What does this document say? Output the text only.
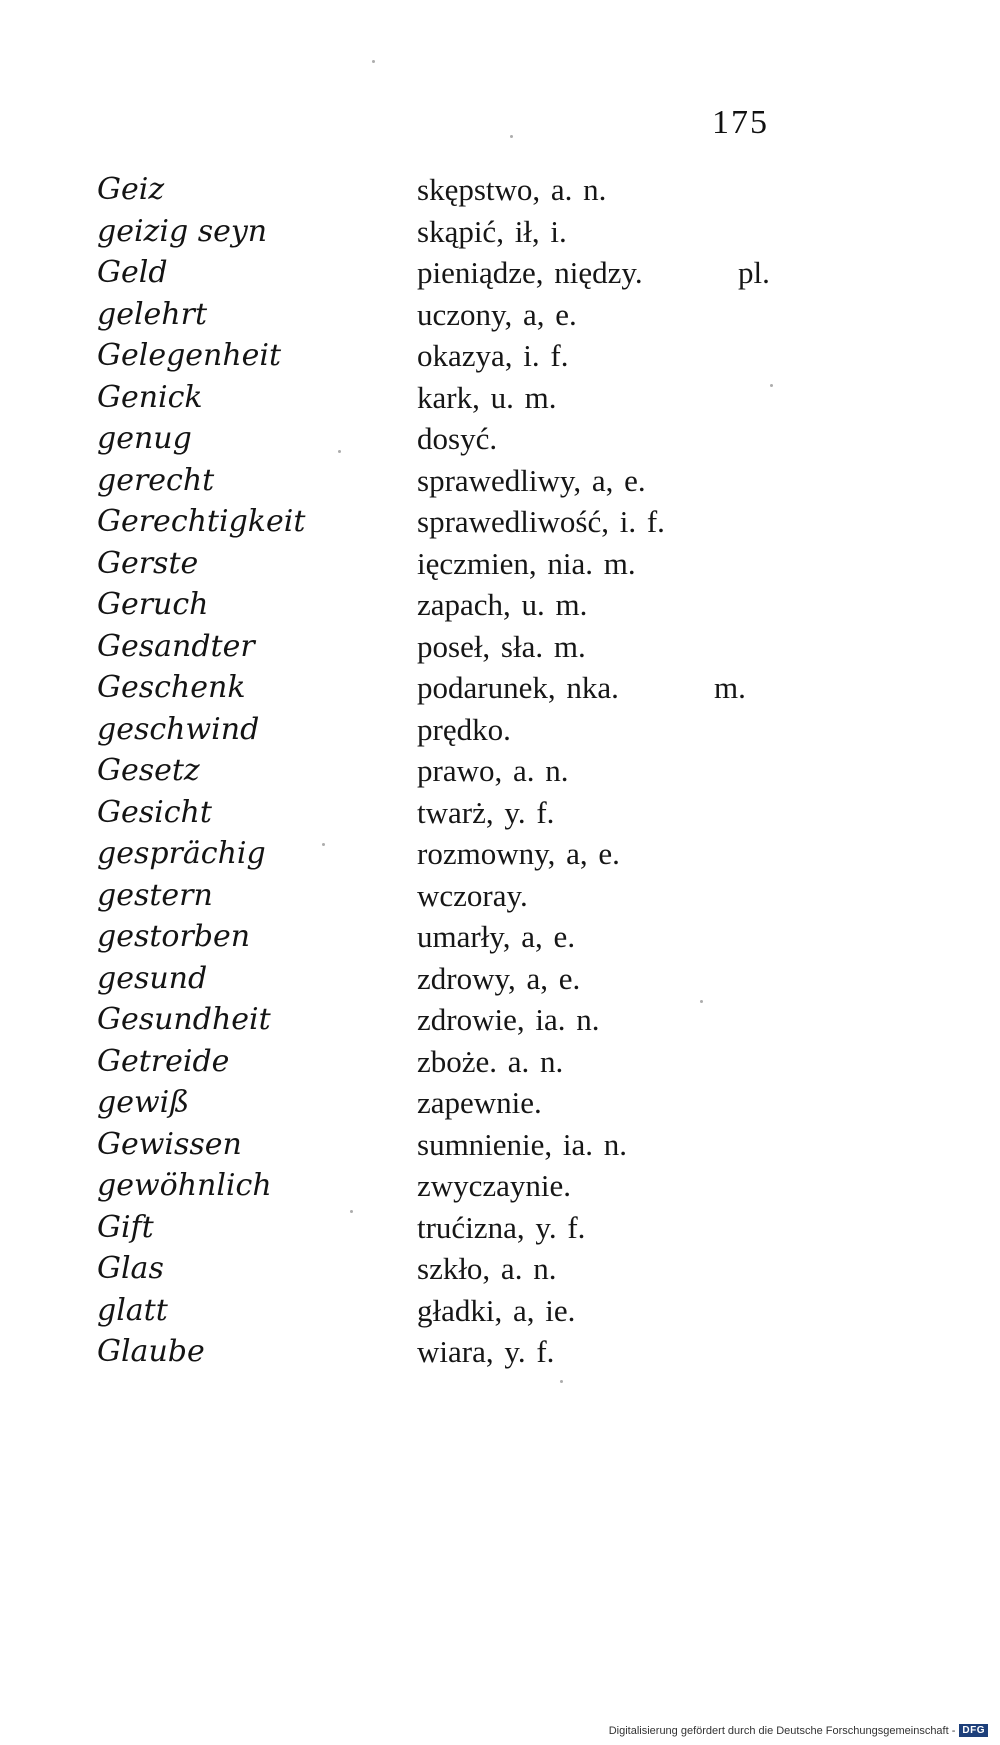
175
Geiz	skępstwo, a. n.
geizig seyn	skąpić, ił, i.
Geld	pieniądze, niędzy.	pl.
gelehrt	uczony, a, e.
Gelegenheit	okazya, i. f.
Genick	kark, u. m.
genug	dosyć.
gerecht	sprawedliwy, a, e.
Gerechtigkeit	sprawedliwość, i. f.
Gerste	ięczmien, nia. m.
Geruch	zapach, u. m.
Gesandter	poseł, sła. m.
Geschenk	podarunek, nka.	m.
geschwind	prędko.
Gesetz	prawo, a. n.
Gesicht	twarż, y. f.
gesprächig	rozmowny, a, e.
gestern	wczoray.
gestorben	umarły, a, e.
gesund	zdrowy, a, e.
Gesundheit	zdrowie, ia. n.
Getreide	zboże. a. n.
gewiß	zapewnie.
Gewissen	sumnienie, ia. n.
gewöhnlich	zwyczaynie.
Gift	trućizna, y. f.
Glas	szkło, a. n.
glatt	gładki, a, ie.
Glaube	wiara, y. f.
Digitalisierung gefördert durch die Deutsche Forschungsgemeinschaft - DFG
